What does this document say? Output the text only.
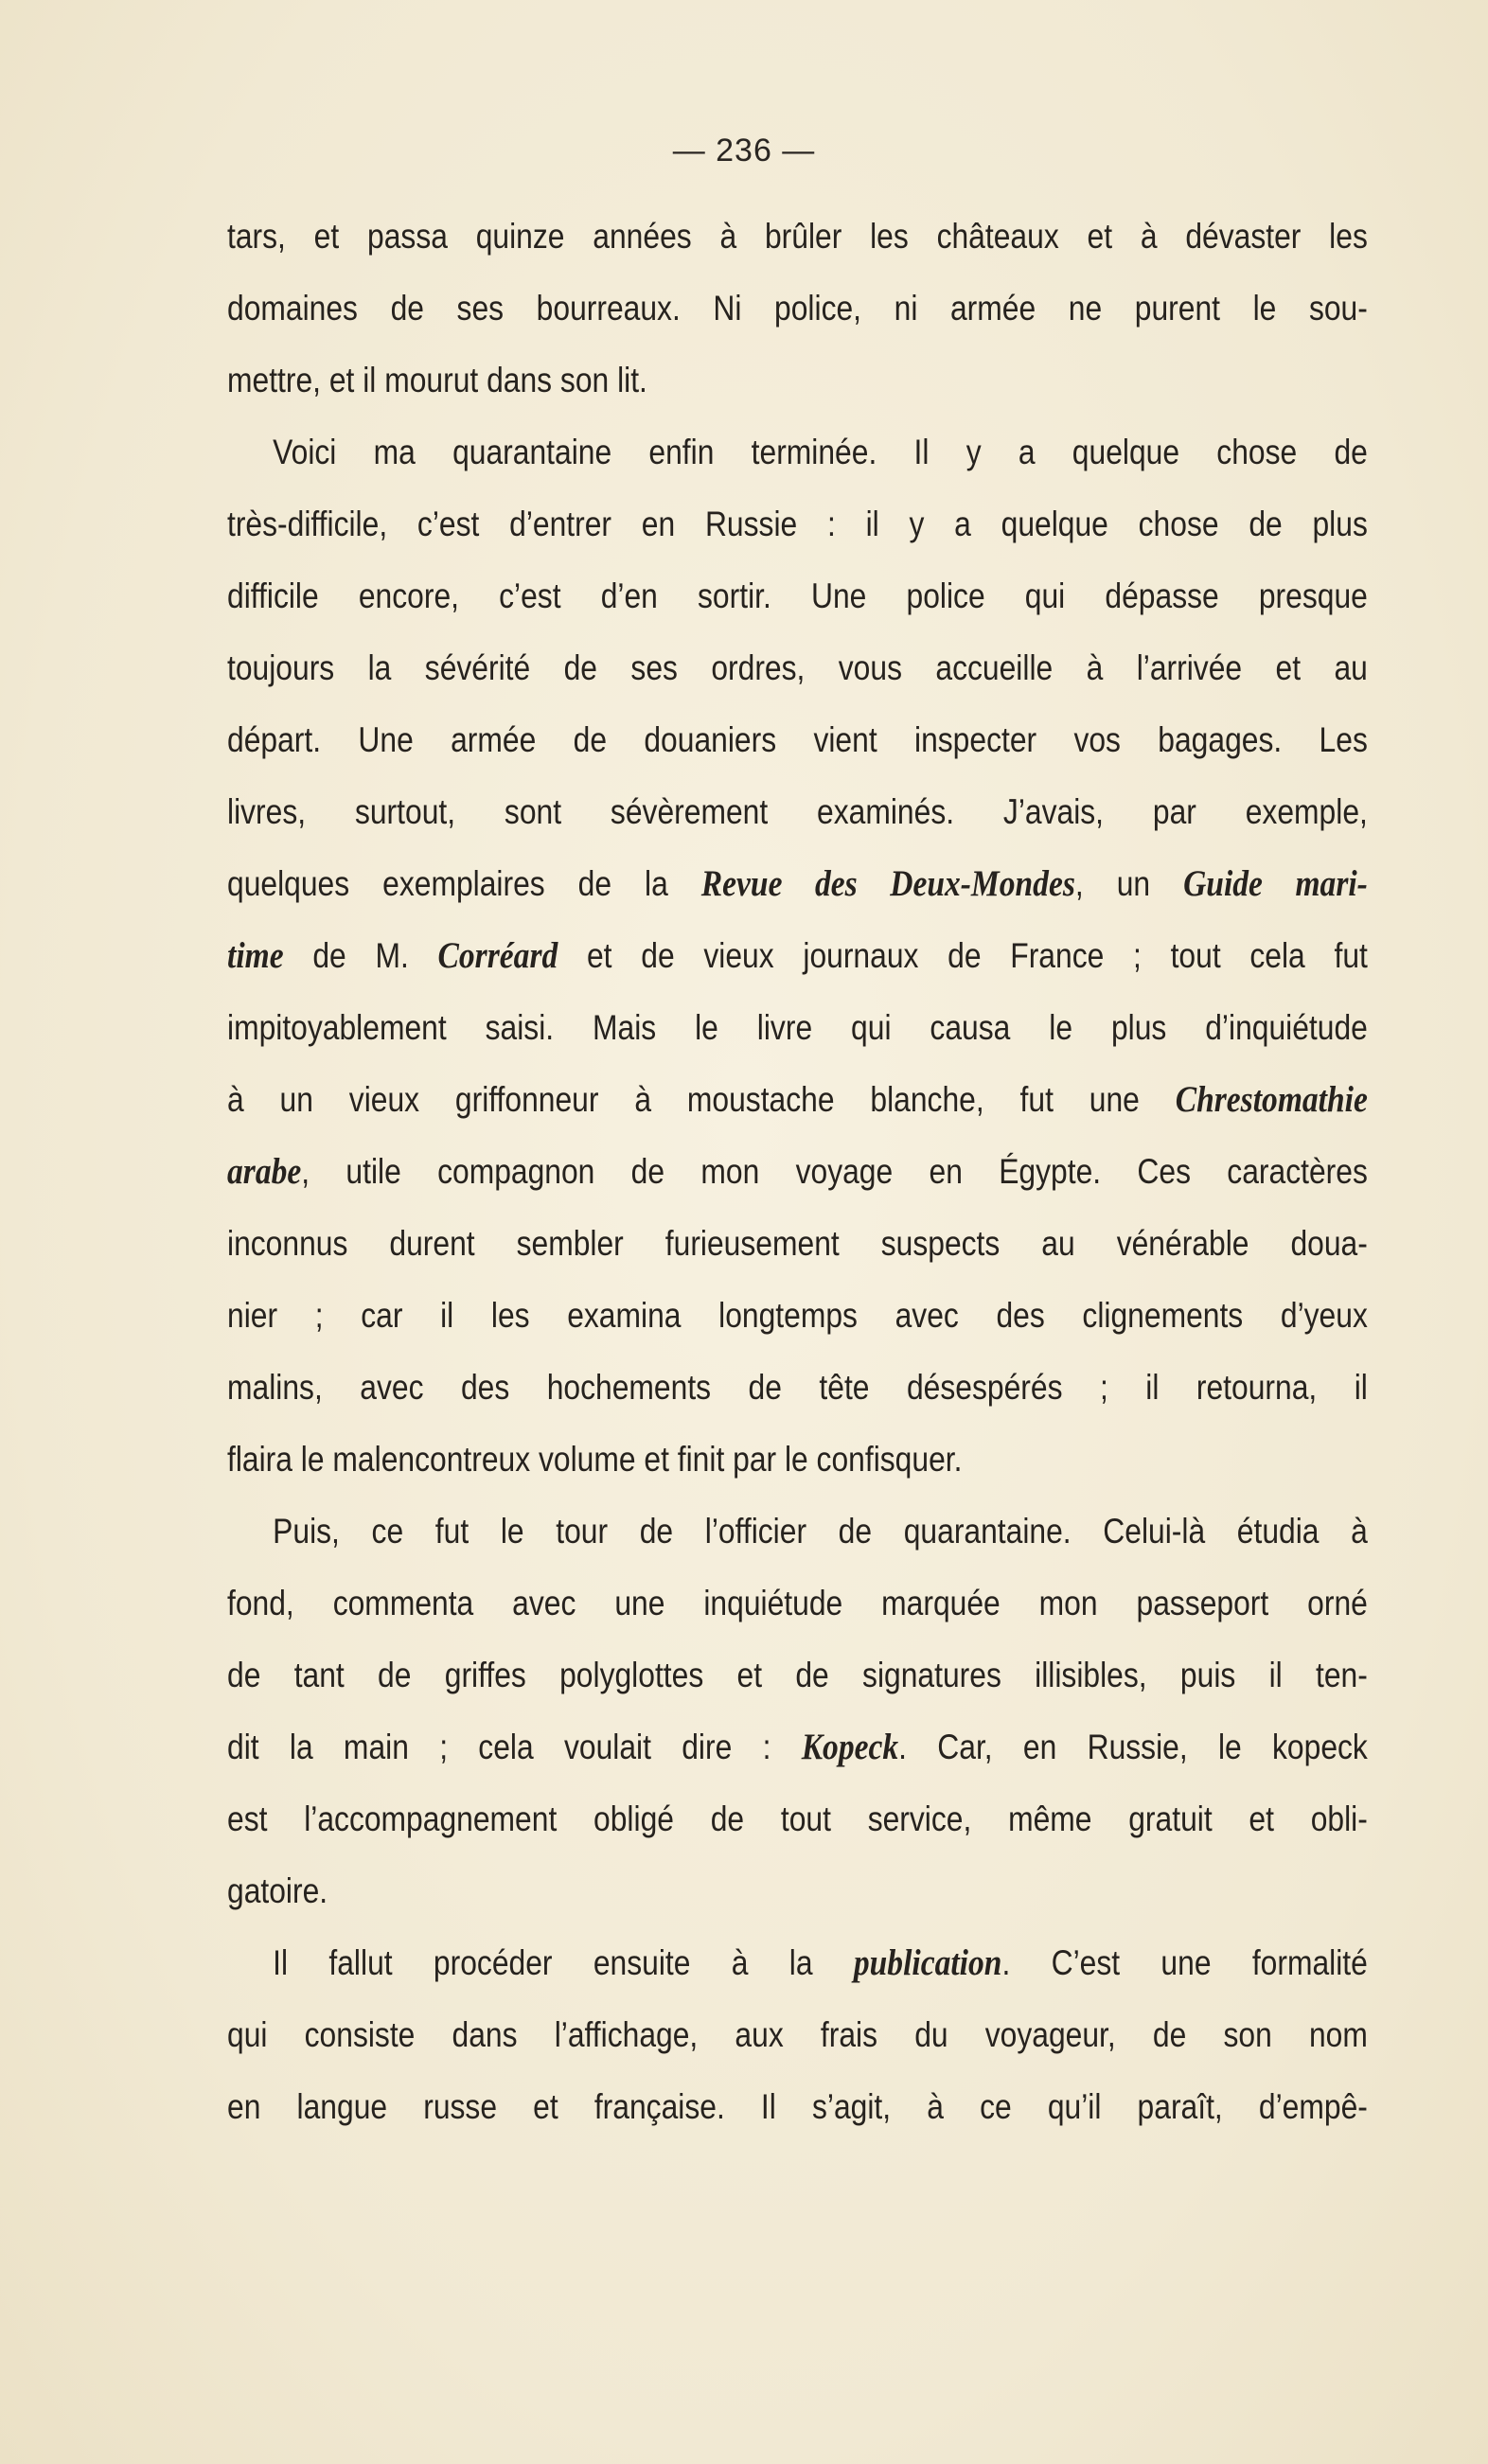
— 236 —
tars, et passa quinze années à brûler les châteaux et à dévaster les
domaines de ses bourreaux. Ni police, ni armée ne purent le sou-
mettre, et il mourut dans son lit.
Voici ma quarantaine enfin terminée. Il y a quelque chose de
très-difficile, c’est d’entrer en Russie : il y a quelque chose de plus
difficile encore, c’est d’en sortir. Une police qui dépasse presque
toujours la sévérité de ses ordres, vous accueille à l’arrivée et au
départ. Une armée de douaniers vient inspecter vos bagages. Les
livres, surtout, sont sévèrement examinés. J’avais, par exemple,
quelques exemplaires de la Revue des Deux-Mondes, un Guide mari-
time de M. Corréard et de vieux journaux de France ; tout cela fut
impitoyablement saisi. Mais le livre qui causa le plus d’inquiétude
à un vieux griffonneur à moustache blanche, fut une Chrestomathie
arabe, utile compagnon de mon voyage en Égypte. Ces caractères
inconnus durent sembler furieusement suspects au vénérable doua-
nier ; car il les examina longtemps avec des clignements d’yeux
malins, avec des hochements de tête désespérés ; il retourna, il
flaira le malencontreux volume et finit par le confisquer.
Puis, ce fut le tour de l’officier de quarantaine. Celui-là étudia à
fond, commenta avec une inquiétude marquée mon passeport orné
de tant de griffes polyglottes et de signatures illisibles, puis il ten-
dit la main ; cela voulait dire : Kopeck. Car, en Russie, le kopeck
est l’accompagnement obligé de tout service, même gratuit et obli-
gatoire.
Il fallut procéder ensuite à la publication. C’est une formalité
qui consiste dans l’affichage, aux frais du voyageur, de son nom
en langue russe et française. Il s’agit, à ce qu’il paraît, d’empê-
